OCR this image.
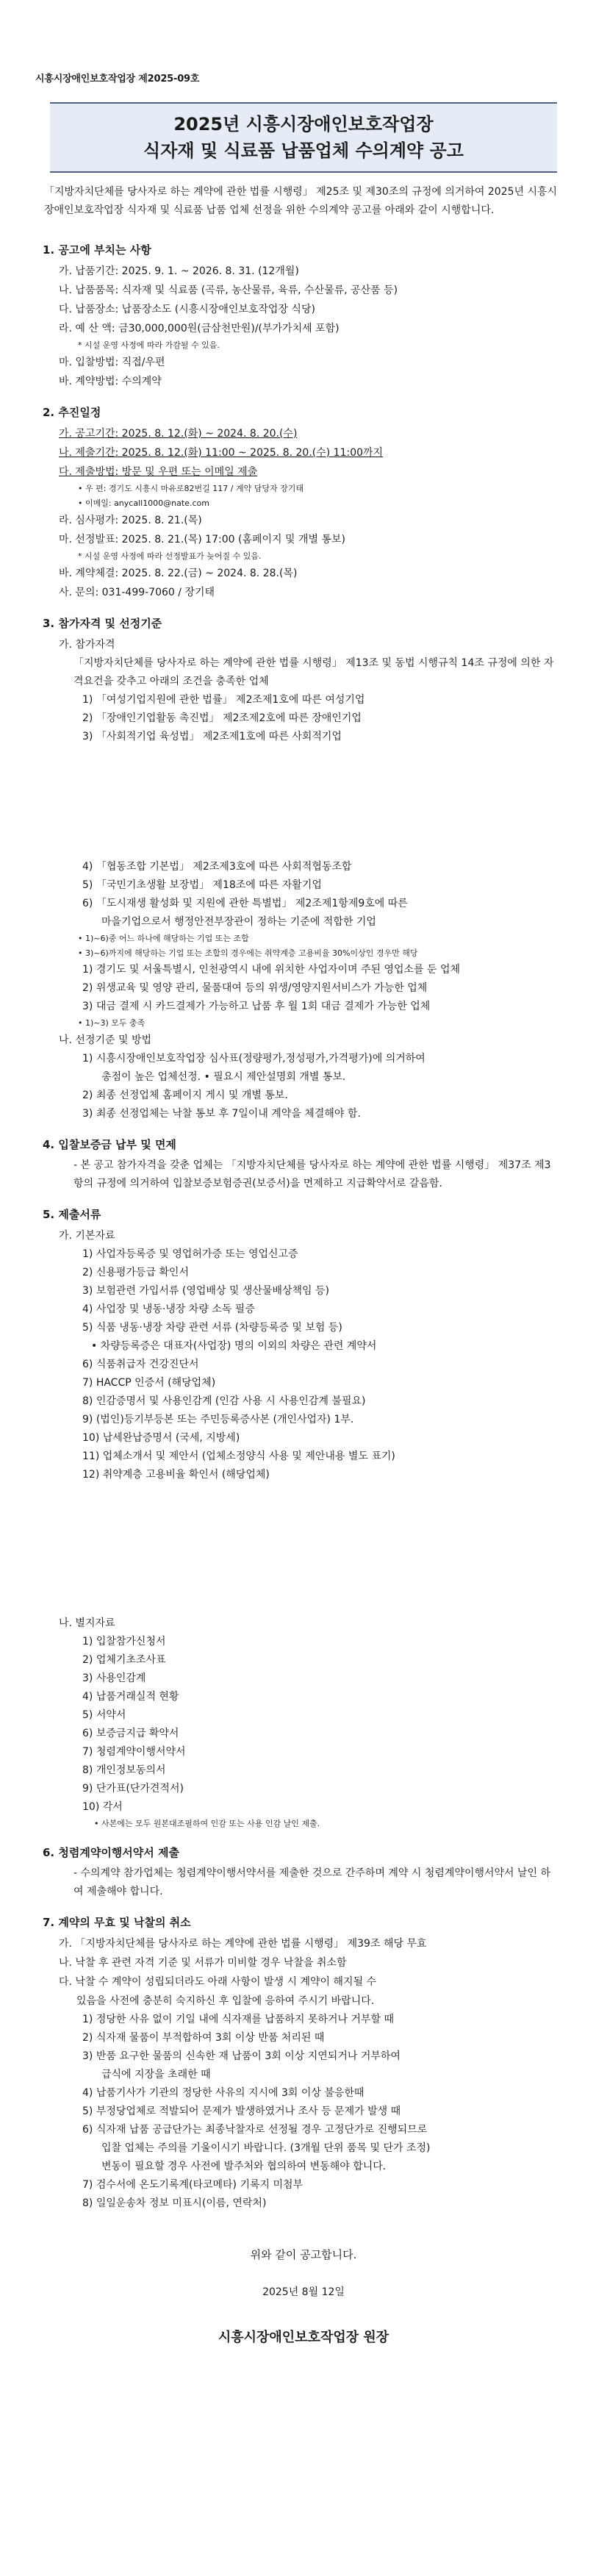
시흥시장애인보호작업장 제2025-09호
2025년 시흥시장애인보호작업장
식자재 및 식료품 납품업체 수의계약 공고
「지방자치단체를 당사자로 하는 계약에 관한 법률 시행령」 제25조 및 제30조의 규정에 의거하여 2025년 시흥시장애인보호작업장 식자재 및 식료품 납품 업체 선정을 위한 수의계약 공고를 아래와 같이 시행합니다.
1. 공고에 부치는 사항
가. 납품기간: 2025. 9. 1. ~ 2026. 8. 31. (12개월)
나. 납품품목: 식자재 및 식료품 (곡류, 농산물류, 육류, 수산물류, 공산품 등)
다. 납품장소: 납품장소도 (시흥시장애인보호작업장 식당)
라. 예 산 액: 금30,000,000원(금삼천만원)/(부가가치세 포함)
* 시설 운영 사정에 따라 가감될 수 있음.
마. 입찰방법: 직접/우편
바. 계약방법: 수의계약
2. 추진일정
가. 공고기간: 2025. 8. 12.(화) ~ 2024. 8. 20.(수)
나. 제출기간: 2025. 8. 12.(화) 11:00 ~ 2025. 8. 20.(수) 11:00까지
다. 제출방법: 방문 및 우편 또는 이메일 제출
• 우 편: 경기도 시흥시 마유로82번길 117 / 계약 담당자 장기태
• 이메일: anycall1000@nate.com
라. 심사평가: 2025. 8. 21.(목)
마. 선정발표: 2025. 8. 21.(목) 17:00 (홈페이지 및 개별 통보)
* 시설 운영 사정에 따라 선정발표가 늦어질 수 있음.
바. 계약체결: 2025. 8. 22.(금) ~ 2024. 8. 28.(목)
사. 문의: 031-499-7060 / 장기태
3. 참가자격 및 선정기준
가. 참가자격
「지방자치단체를 당사자로 하는 계약에 관한 법률 시행령」 제13조 및 동법 시행규칙 14조 규정에 의한 자격요건을 갖추고 아래의 조건을 충족한 업체
1) 「여성기업지원에 관한 법률」 제2조제1호에 따른 여성기업
2) 「장애인기업활동 촉진법」 제2조제2호에 따른 장애인기업
3) 「사회적기업 육성법」 제2조제1호에 따른 사회적기업
4) 「협동조합 기본법」 제2조제3호에 따른 사회적협동조합
5) 「국민기초생활 보장법」 제18조에 따른 자활기업
6) 「도시재생 활성화 및 지원에 관한 특별법」 제2조제1항제9호에 따른
마을기업으로서 행정안전부장관이 정하는 기준에 적합한 기업
• 1)~6)중 어느 하나에 해당하는 기업 또는 조합
• 3)~6)까지에 해당하는 기업 또는 조합의 경우에는 취약계층 고용비율 30%이상인 경우만 해당
1) 경기도 및 서울특별시, 인천광역시 내에 위치한 사업자이며 주된 영업소를 둔 업체
2) 위생교육 및 영양 관리, 물품대여 등의 위생/영양지원서비스가 가능한 업체
3) 대금 결제 시 카드결제가 가능하고 납품 후 월 1회 대금 결제가 가능한 업체
• 1)~3) 모두 충족
나. 선정기준 및 방법
1) 시흥시장애인보호작업장 심사표(정량평가,정성평가,가격평가)에 의거하여
총점이 높은 업체선정. • 필요시 제안설명회 개별 통보.
2) 최종 선정업체 홈페이지 게시 및 개별 통보.
3) 최종 선정업체는 낙찰 통보 후 7일이내 계약을 체결해야 함.
4. 입찰보증금 납부 및 면제
- 본 공고 참가자격을 갖춘 업체는 「지방자치단체를 당사자로 하는 계약에 관한 법률 시행령」 제37조 제3항의 규정에 의거하여 입찰보증보험증권(보증서)을 면제하고 지급확약서로 갈음함.
5. 제출서류
가. 기본자료
1) 사업자등록증 및 영업허가증 또는 영업신고증
2) 신용평가등급 확인서
3) 보험관련 가입서류 (영업배상 및 생산물배상책임 등)
4) 사업장 및 냉동·냉장 차량 소독 필증
5) 식품 냉동·냉장 차량 관련 서류 (차량등록증 및 보험 등)
• 차량등록증은 대표자(사업장) 명의 이외의 차량은 관련 계약서
6) 식품취급자 건강진단서
7) HACCP 인증서 (해당업체)
8) 인감증명서 및 사용인감계 (인감 사용 시 사용인감계 불필요)
9) (법인)등기부등본 또는 주민등록증사본 (개인사업자) 1부.
10) 납세완납증명서 (국세, 지방세)
11) 업체소개서 및 제안서 (업체소정양식 사용 및 제안내용 별도 표기)
12) 취약계층 고용비율 확인서 (해당업체)
나. 별지자료
1) 입찰참가신청서
2) 업체기초조사표
3) 사용인감계
4) 납품거래실적 현황
5) 서약서
6) 보증금지급 확약서
7) 청렴계약이행서약서
8) 개인정보동의서
9) 단가표(단가견적서)
10) 각서
• 사본에는 모두 원본대조필하여 인감 또는 사용 인감 날인 제출.
6. 청렴계약이행서약서 제출
- 수의계약 참가업체는 청렴계약이행서약서를 제출한 것으로 간주하며 계약 시 청렴계약이행서약서 날인 하여 제출해야 합니다.
7. 계약의 무효 및 낙찰의 취소
가. 「지방자치단체를 당사자로 하는 계약에 관한 법률 시행령」 제39조 해당 무효
나. 낙찰 후 관련 자격 기준 및 서류가 미비할 경우 낙찰을 취소함
다. 낙찰 수 계약이 성립되더라도 아래 사항이 발생 시 계약이 해지될 수
있음을 사전에 충분히 숙지하신 후 입찰에 응하여 주시기 바랍니다.
1) 정당한 사유 없이 기일 내에 식자재를 납품하지 못하거나 거부할 때
2) 식자재 물품이 부적합하여 3회 이상 반품 처리된 때
3) 반품 요구한 물품의 신속한 재 납품이 3회 이상 지연되거나 거부하여
급식에 지장을 초래한 때
4) 납품기사가 기관의 정당한 사유의 지시에 3회 이상 불응한때
5) 부정당업체로 적발되어 문제가 발생하였거나 조사 등 문제가 발생 때
6) 식자재 납품 공급단가는 최종낙찰자로 선정될 경우 고정단가로 진행되므로
입찰 업체는 주의를 기울이시기 바랍니다. (3개월 단위 품목 및 단가 조정)
변동이 필요할 경우 사전에 발주처와 협의하여 변동해야 합니다.
7) 검수서에 온도기록계(타코메타) 기록지 미첨부
8) 일일운송차 정보 미표시(이름, 연락처)
위와 같이 공고합니다.
2025년 8월 12일
시흥시장애인보호작업장 원장
